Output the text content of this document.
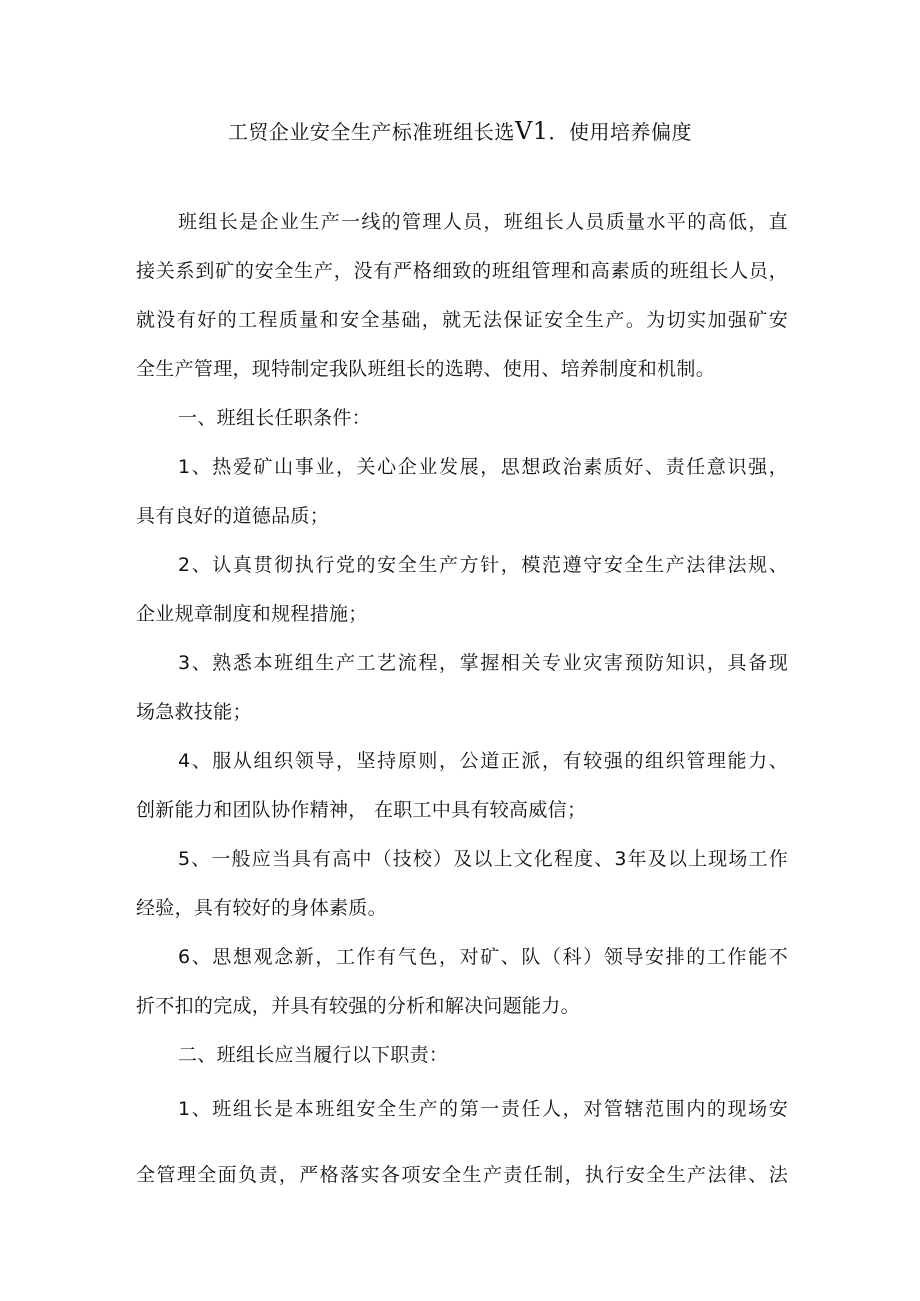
工贸企业安全生产标准班组长选V1．使用培养偏度
班组长是企业生产一线的管理人员，班组长人员质量水平的高低，直
接关系到矿的安全生产，没有严格细致的班组管理和高素质的班组长人员，
就没有好的工程质量和安全基础，就无法保证安全生产。为切实加强矿安
全生产管理，现特制定我队班组长的选聘、使用、培养制度和机制。
一、班组长任职条件：
1、热爱矿山事业，关心企业发展，思想政治素质好、责任意识强，
具有良好的道德品质；
2、认真贯彻执行党的安全生产方针，模范遵守安全生产法律法规、
企业规章制度和规程措施；
3、熟悉本班组生产工艺流程，掌握相关专业灾害预防知识，具备现
场急救技能；
4、服从组织领导，坚持原则，公道正派，有较强的组织管理能力、
创新能力和团队协作精神， 在职工中具有较高威信；
5、一般应当具有高中（技校）及以上文化程度、3年及以上现场工作
经验，具有较好的身体素质。
6、思想观念新，工作有气色，对矿、队（科）领导安排的工作能不
折不扣的完成，并具有较强的分析和解决问题能力。
二、班组长应当履行以下职责：
1、班组长是本班组安全生产的第一责任人，对管辖范围内的现场安
全管理全面负责，严格落实各项安全生产责任制，执行安全生产法律、法
